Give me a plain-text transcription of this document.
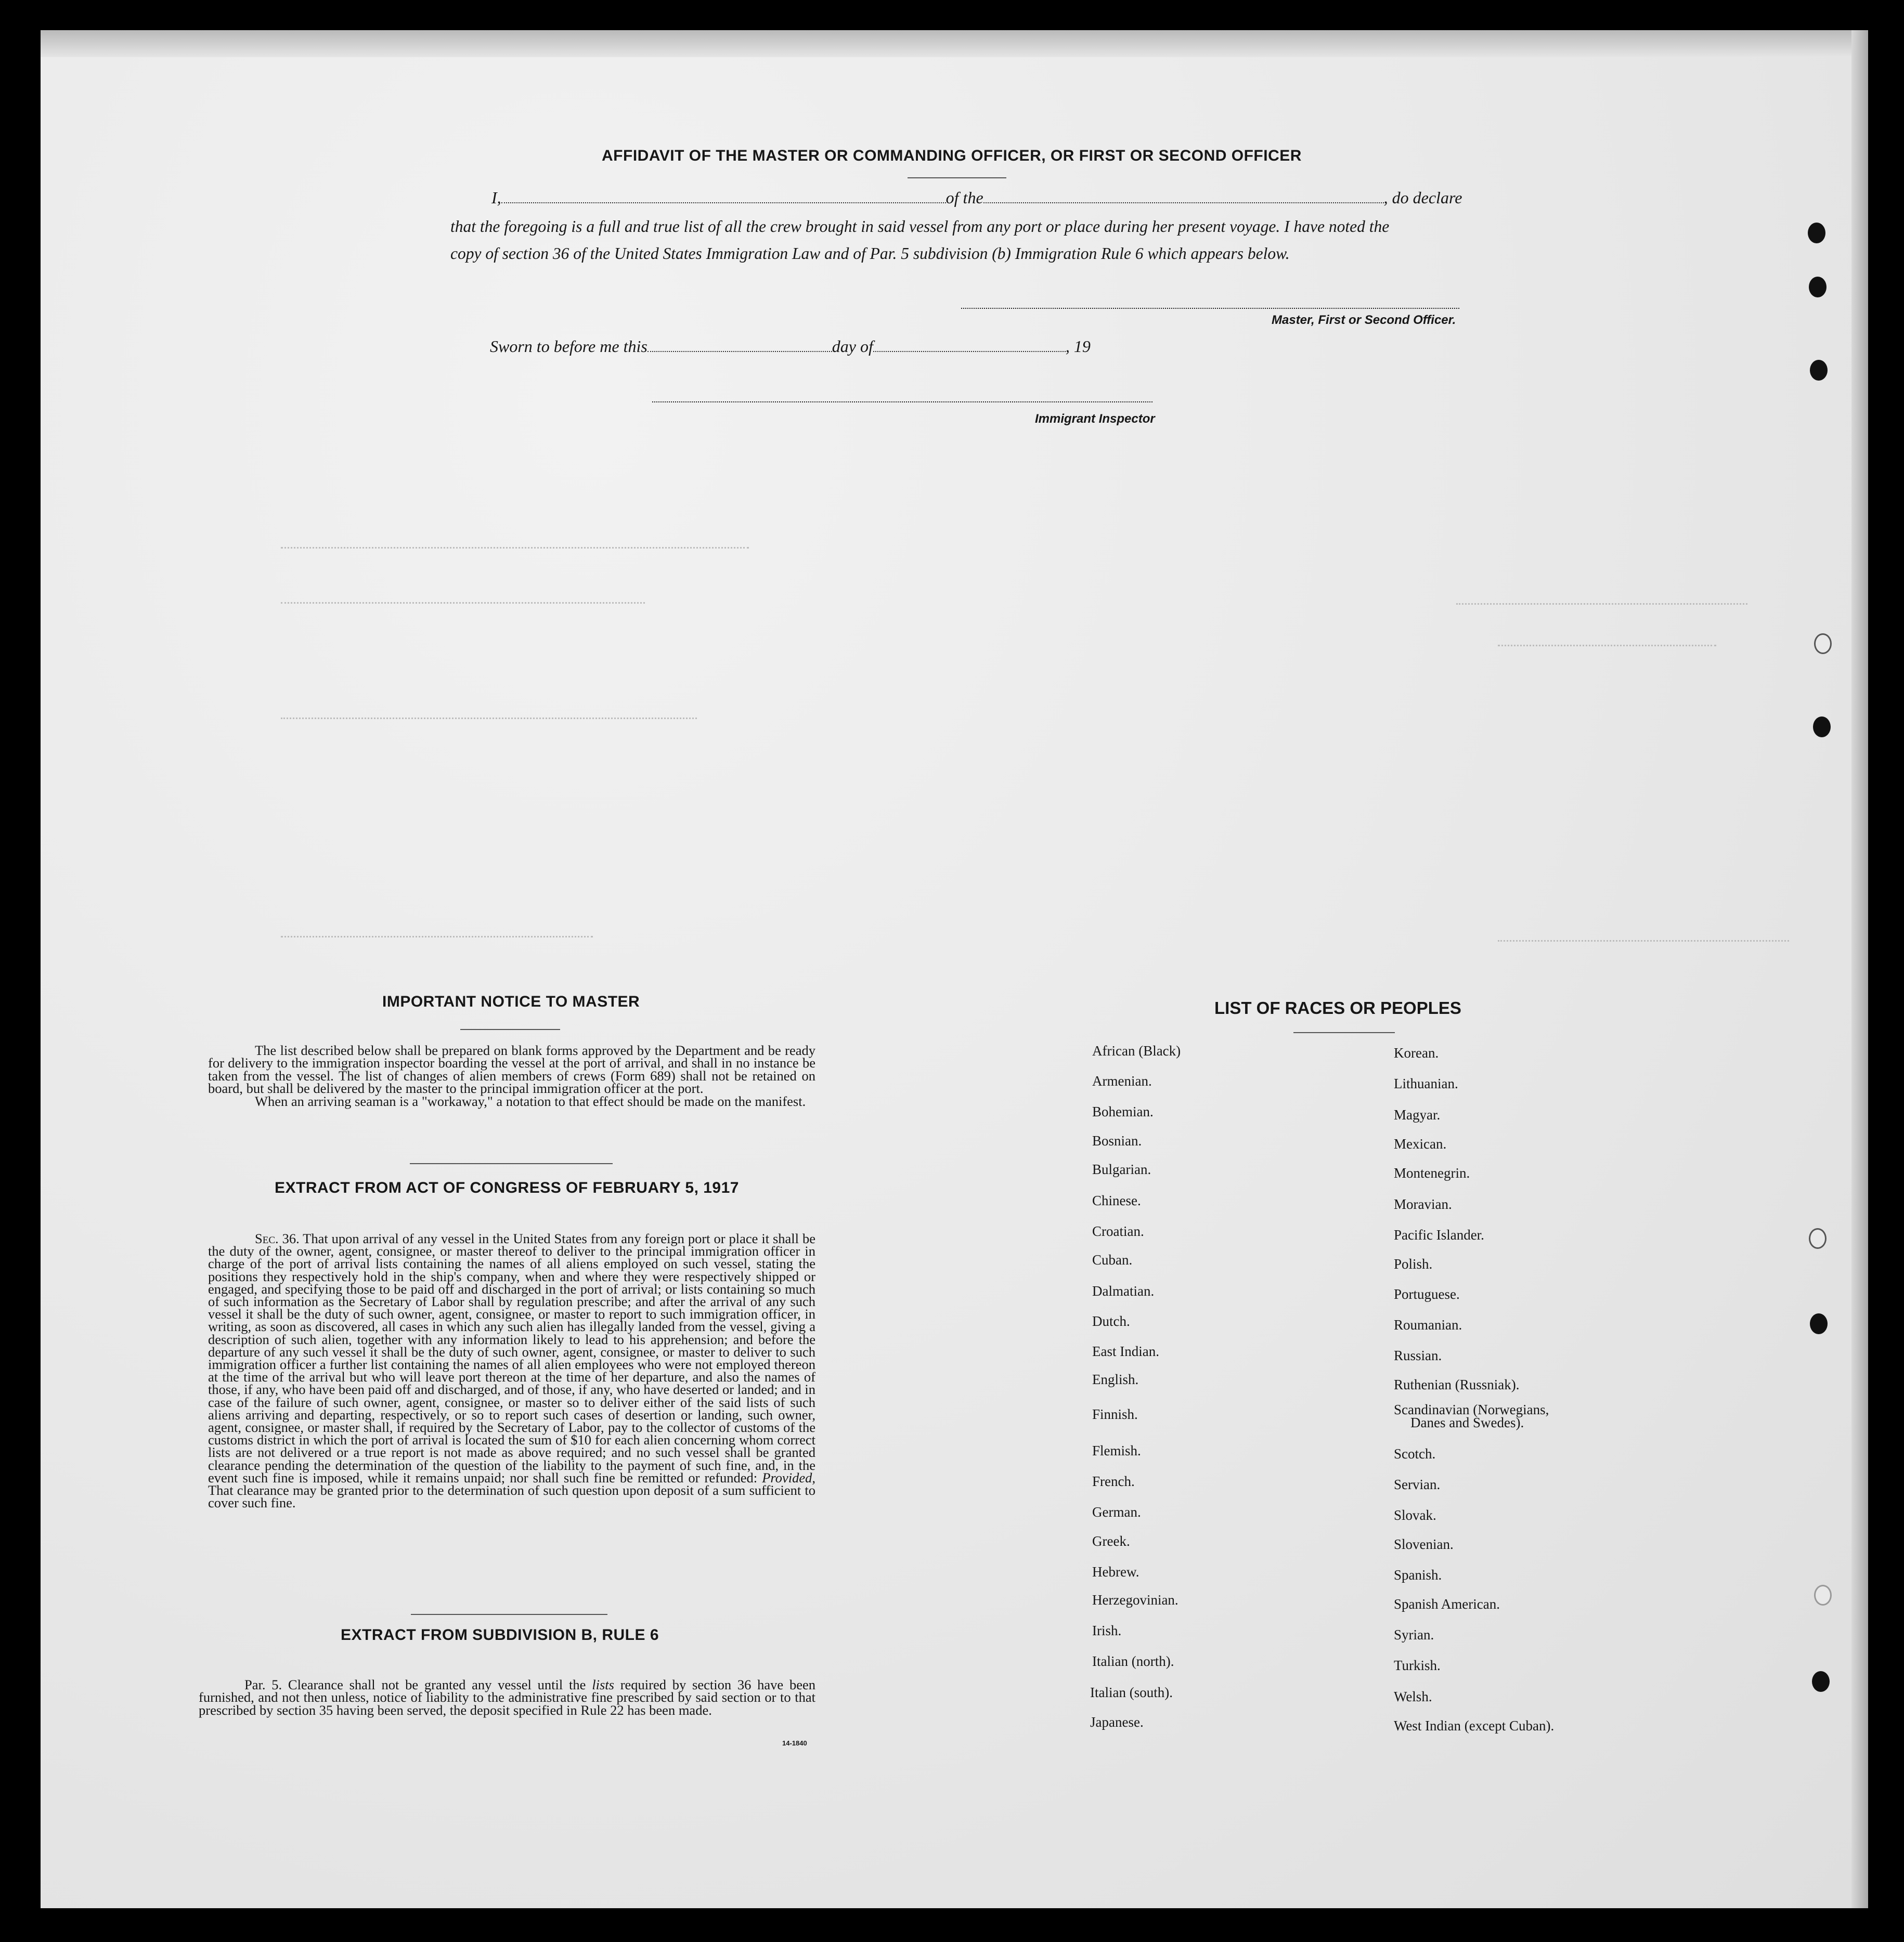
AFFIDAVIT OF THE MASTER OR COMMANDING OFFICER, OR FIRST OR SECOND OFFICER
I,	of the	, do declare
that the foregoing is a full and true list of all the crew brought in said vessel from any port or place during her present voyage. I have noted the
copy of section 36 of the United States Immigration Law and of Par. 5 subdivision (b) Immigration Rule 6 which appears below.
Master, First or Second Officer.
Sworn to before me this	day of	, 19
Immigrant Inspector
IMPORTANT NOTICE TO MASTER

The list described below shall be prepared on blank forms approved by the Department and be ready for delivery to the immigration inspector boarding the vessel at the port of arrival, and shall in no instance be taken from the vessel. The list of changes of alien members of crews (Form 689) shall not be retained on board, but shall be delivered by the master to the principal immigration officer at the port.

When an arriving seaman is a "workaway," a notation to that effect should be made on the manifest.

EXTRACT FROM ACT OF CONGRESS OF FEBRUARY 5, 1917

Sec. 36. That upon arrival of any vessel in the United States from any foreign port or place it shall be the duty of the owner, agent, consignee, or master thereof to deliver to the principal immigration officer in charge of the port of arrival lists containing the names of all aliens employed on such vessel, stating the positions they respectively hold in the ship's company, when and where they were respectively shipped or engaged, and specifying those to be paid off and discharged in the port of arrival; or lists containing so much of such information as the Secretary of Labor shall by regulation prescribe; and after the arrival of any such vessel it shall be the duty of such owner, agent, consignee, or master to report to such immigration officer, in writing, as soon as discovered, all cases in which any such alien has illegally landed from the vessel, giving a description of such alien, together with any information likely to lead to his apprehension; and before the departure of any such vessel it shall be the duty of such owner, agent, consignee, or master to deliver to such immigration officer a further list containing the names of all alien employees who were not employed thereon at the time of the arrival but who will leave port thereon at the time of her departure, and also the names of those, if any, who have been paid off and discharged, and of those, if any, who have deserted or landed; and in case of the failure of such owner, agent, consignee, or master so to deliver either of the said lists of such aliens arriving and departing, respectively, or so to report such cases of desertion or landing, such owner, agent, consignee, or master shall, if required by the Secretary of Labor, pay to the collector of customs of the customs district in which the port of arrival is located the sum of $10 for each alien concerning whom correct lists are not delivered or a true report is not made as above required; and no such vessel shall be granted clearance pending the determination of the question of the liability to the payment of such fine, and, in the event such fine is imposed, while it remains unpaid; nor shall such fine be remitted or refunded: Provided, That clearance may be granted prior to the determination of such question upon deposit of a sum sufficient to cover such fine.

EXTRACT FROM SUBDIVISION B, RULE 6

Par. 5. Clearance shall not be granted any vessel until the lists required by section 36 have been furnished, and not then unless, notice of liability to the administrative fine prescribed by said section or to that prescribed by section 35 having been served, the deposit specified in Rule 22 has been made.

14-1840
LIST OF RACES OR PEOPLES
African (Black)
Armenian.
Bohemian.
Bosnian.
Bulgarian.
Chinese.
Croatian.
Cuban.
Dalmatian.
Dutch.
East Indian.
English.
Finnish.
Flemish.
French.
German.
Greek.
Hebrew.
Herzegovinian.
Irish.
Italian (north).
Italian (south).
Japanese.
Korean.
Lithuanian.
Magyar.
Mexican.
Montenegrin.
Moravian.
Pacific Islander.
Polish.
Portuguese.
Roumanian.
Russian.
Ruthenian (Russniak).
Scandinavian (Norwegians,
Scotch.
Servian.
Slovak.
Slovenian.
Spanish.
Spanish American.
Syrian.
Turkish.
Welsh.
West Indian (except Cuban).
Danes and Swedes).
